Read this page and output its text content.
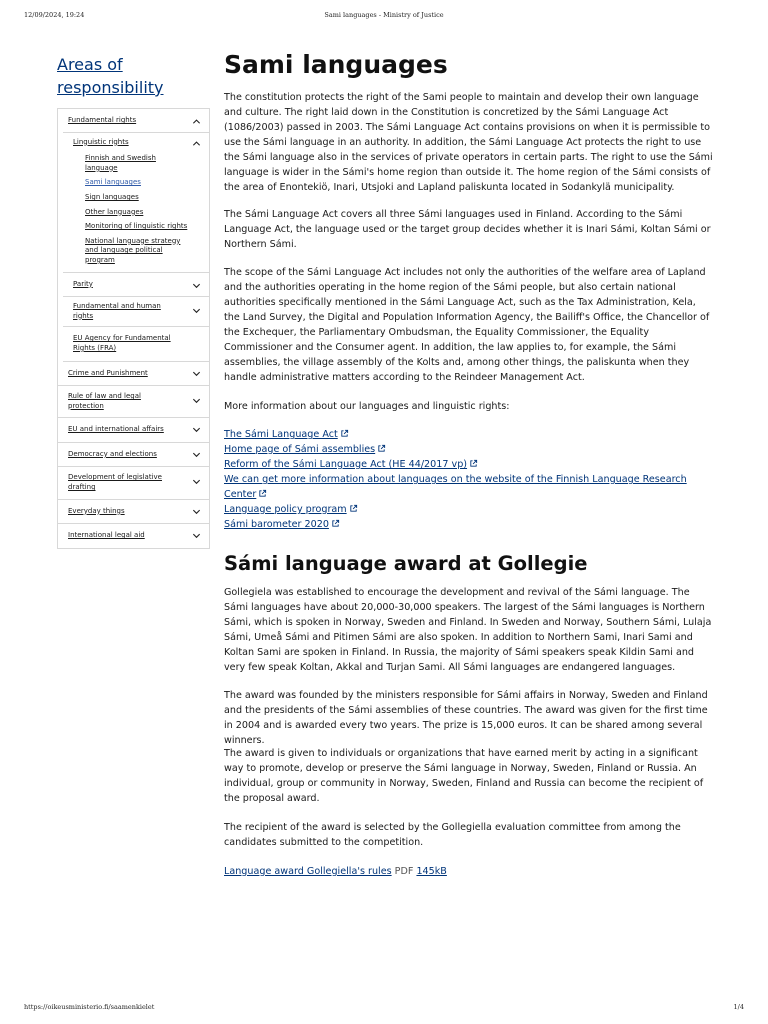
12/09/2024, 19:24	Sami languages - Ministry of Justice
Areas of responsibility
Fundamental rights
Linguistic rights
Finnish and Swedish language
Sami languages
Sign languages
Other languages
Monitoring of linguistic rights
National language strategy and language political program
Parity
Fundamental and human rights
EU Agency for Fundamental Rights (FRA)
Crime and Punishment
Rule of law and legal protection
EU and international affairs
Democracy and elections
Development of legislative drafting
Everyday things
International legal aid
Sami languages

The constitution protects the right of the Sami people to maintain and develop their own language and culture. The right laid down in the Constitution is concretized by the Sámi Language Act (1086/2003) passed in 2003. The Sámi Language Act contains provisions on when it is permissible to use the Sámi language in an authority. In addition, the Sámi Language Act protects the right to use the Sámi language also in the services of private operators in certain parts. The right to use the Sámi language is wider in the Sámi's home region than outside it. The home region of the Sámi consists of the area of Enontekiö, Inari, Utsjoki and Lapland paliskunta located in Sodankylä municipality.

The Sámi Language Act covers all three Sámi languages used in Finland. According to the Sámi Language Act, the language used or the target group decides whether it is Inari Sámi, Koltan Sámi or Northern Sámi.

The scope of the Sámi Language Act includes not only the authorities of the welfare area of Lapland and the authorities operating in the home region of the Sámi people, but also certain national authorities specifically mentioned in the Sámi Language Act, such as the Tax Administration, Kela, the Land Survey, the Digital and Population Information Agency, the Bailiff's Office, the Chancellor of the Exchequer, the Parliamentary Ombudsman, the Equality Commissioner, the Equality Commissioner and the Consumer agent. In addition, the law applies to, for example, the Sámi assemblies, the village assembly of the Kolts and, among other things, the paliskunta when they handle administrative matters according to the Reindeer Management Act.

More information about our languages and linguistic rights:

The Sámi Language Act
Home page of Sámi assemblies
Reform of the Sámi Language Act (HE 44/2017 vp)
We can get more information about languages on the website of the Finnish Language Research Center
Language policy program
Sámi barometer 2020
Sámi language award at Gollegie

Gollegiela was established to encourage the development and revival of the Sámi language. The Sámi languages have about 20,000-30,000 speakers. The largest of the Sámi languages is Northern Sámi, which is spoken in Norway, Sweden and Finland. In Sweden and Norway, Southern Sámi, Lulaja Sámi, Umeå Sámi and Pitimen Sámi are also spoken. In addition to Northern Sami, Inari Sami and Koltan Sami are spoken in Finland. In Russia, the majority of Sámi speakers speak Kildin Sami and very few speak Koltan, Akkal and Turjan Sami. All Sámi languages are endangered languages.

The award was founded by the ministers responsible for Sámi affairs in Norway, Sweden and Finland and the presidents of the Sámi assemblies of these countries. The award was given for the first time in 2004 and is awarded every two years. The prize is 15,000 euros. It can be shared among several winners.

The award is given to individuals or organizations that have earned merit by acting in a significant way to promote, develop or preserve the Sámi language in Norway, Sweden, Finland or Russia. An individual, group or community in Norway, Sweden, Finland and Russia can become the recipient of the proposal award.

The recipient of the award is selected by the Gollegiella evaluation committee from among the candidates submitted to the competition.

Language award Gollegiella's rules PDF 145kB
https://oikeusministerio.fi/saamenkielet	1/4
